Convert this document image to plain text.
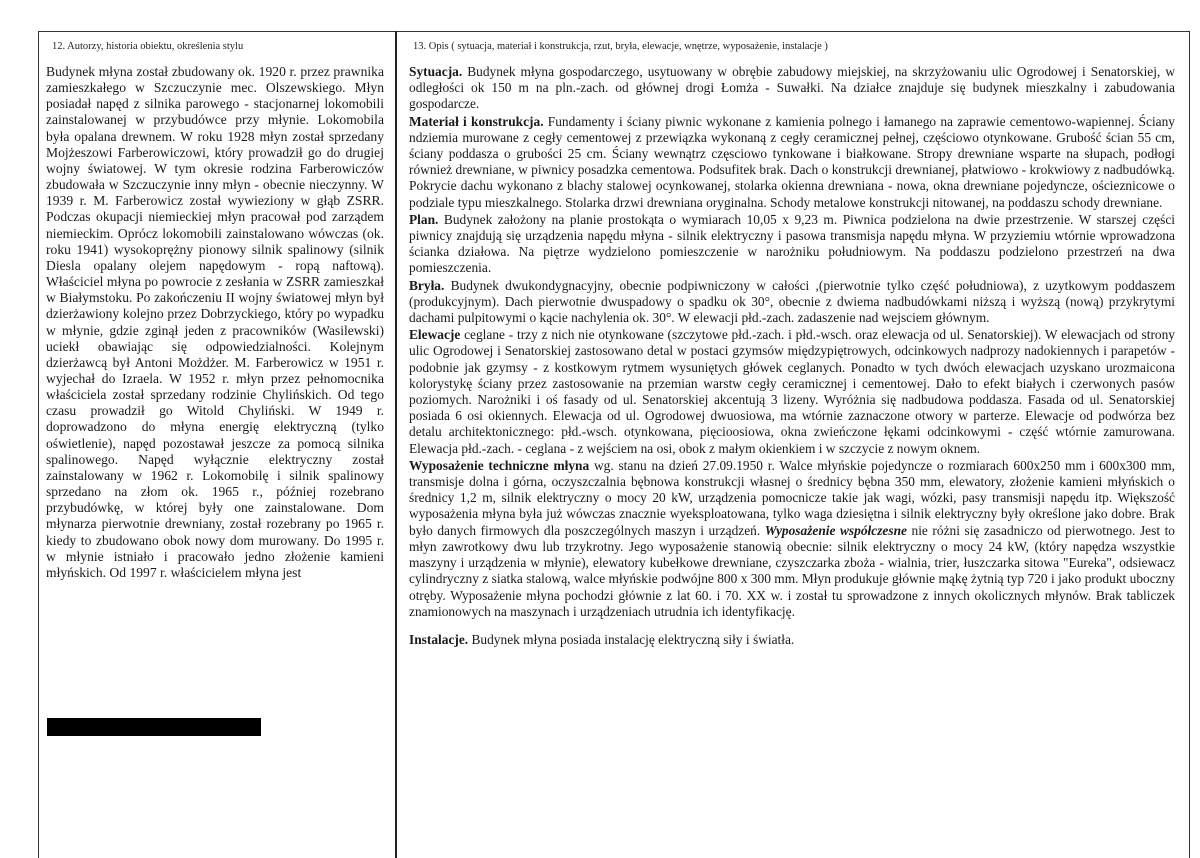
12. Autorzy, historia obiektu, określenia stylu

Budynek młyna został zbudowany ok. 1920 r. przez prawnika zamieszkałego w Szczuczynie mec. Olszewskiego. Młyn posiadał napęd z silnika parowego - stacjonarnej lokomobili zainstalowanej w przybudówce przy młynie. Lokomobila była opalana drewnem. W roku 1928 młyn został sprzedany Mojżeszowi Farberowiczowi, który prowadził go do drugiej wojny światowej. W tym okresie rodzina Farberowiczów zbudowała w Szczuczynie inny młyn - obecnie nieczynny. W 1939 r. M. Farberowicz został wywieziony w głąb ZSRR. Podczas okupacji niemieckiej młyn pracował pod zarządem niemieckim. Oprócz lokomobili zainstalowano wówczas (ok. roku 1941) wysokoprężny pionowy silnik spalinowy (silnik Diesla opalany olejem napędowym - ropą naftową). Właściciel młyna po powrocie z zesłania w ZSRR zamieszkał w Białymstoku. Po zakończeniu II wojny światowej młyn był dzierżawiony kolejno przez Dobrzyckiego, który po wypadku w młynie, gdzie zginął jeden z pracowników (Wasilewski) uciekł obawiając się odpowiedzialności. Kolejnym dzierżawcą był Antoni Możdżer. M. Farberowicz w 1951 r. wyjechał do Izraela. W 1952 r. młyn przez pełnomocnika właściciela został sprzedany rodzinie Chylińskich. Od tego czasu prowadził go Witold Chyliński. W 1949 r. doprowadzono do młyna energię elektryczną (tylko oświetlenie), napęd pozostawał jeszcze za pomocą silnika spalinowego. Napęd wyłącznie elektryczny został zainstalowany w 1962 r. Lokomobilę i silnik spalinowy sprzedano na złom ok. 1965 r., później rozebrano przybudówkę, w której były one zainstalowane. Dom młynarza pierwotnie drewniany, został rozebrany po 1965 r. kiedy to zbudowano obok nowy dom murowany. Do 1995 r. w młynie istniało i pracowało jedno złożenie kamieni młyńskich. Od 1997 r. właścicielem młyna jest

13. Opis ( sytuacja, materiał i konstrukcja, rzut, bryła, elewacje, wnętrze, wyposażenie, instalacje )

Sytuacja. Budynek młyna gospodarczego, usytuowany w obrębie zabudowy miejskiej, na skrzyżowaniu ulic Ogrodowej i Senatorskiej, w odległości ok 150 m na pln.-zach. od głównej drogi Łomża - Suwałki. Na działce znajduje się budynek mieszkalny i zabudowania gospodarcze.

Materiał i konstrukcja. Fundamenty i ściany piwnic wykonane z kamienia polnego i łamanego na zaprawie cementowo-wapiennej. Ściany ndziemia murowane z cegły cementowej z przewiązka wykonaną z cegły ceramicznej pełnej, częściowo otynkowane. Grubość ścian 55 cm, ściany poddasza o grubości 25 cm. Ściany wewnątrz częsciowo tynkowane i białkowane. Stropy drewniane wsparte na słupach, podłogi również drewniane, w piwnicy posadzka cementowa. Podsufitek brak. Dach o konstrukcji drewnianej, płatwiowo - krokwiowy z nadbudówką. Pokrycie dachu wykonano z blachy stalowej ocynkowanej, stolarka okienna drewniana - nowa, okna drewniane pojedyncze, ościeznicowe o podziale typu mieszkalnego. Stolarka drzwi drewniana oryginalna. Schody metalowe konstrukcji nitowanej, na poddaszu schody drewniane.

Plan. Budynek założony na planie prostokąta o wymiarach 10,05 x 9,23 m. Piwnica podzielona na dwie przestrzenie. W starszej części piwnicy znajdują się urządzenia napędu młyna - silnik elektryczny i pasowa transmisja napędu młyna. W przyziemiu wtórnie wprowadzona ścianka działowa. Na piętrze wydzielono pomieszczenie w narożniku południowym. Na poddaszu podzielono przestrzeń na dwa pomieszczenia.

Bryła. Budynek dwukondygnacyjny, obecnie podpiwniczony w całości ,(pierwotnie tylko część południowa), z uzytkowym poddaszem (produkcyjnym). Dach pierwotnie dwuspadowy o spadku ok 30°, obecnie z dwiema nadbudówkami niższą i wyższą (nową) przykrytymi dachami pulpitowymi o kącie nachylenia ok. 30°. W elewacji płd.-zach. zadaszenie nad wejsciem głównym.

Elewacje ceglane - trzy z nich nie otynkowane (szczytowe płd.-zach. i płd.-wsch. oraz elewacja od ul. Senatorskiej). W elewacjach od strony ulic Ogrodowej i Senatorskiej zastosowano detal w postaci gzymsów międzypiętrowych, odcinkowych nadprozy nadokiennych i parapetów - podobnie jak gzymsy - z kostkowym rytmem wysuniętych główek ceglanych. Ponadto w tych dwóch elewacjach uzyskano urozmaicona kolorystykę ściany przez zastosowanie na przemian warstw cegły ceramicznej i cementowej. Dało to efekt białych i czerwonych pasów poziomych. Narożniki i oś fasady od ul. Senatorskiej akcentują 3 lizeny. Wyróżnia się nadbudowa poddasza. Fasada od ul. Senatorskiej posiada 6 osi okiennych. Elewacja od ul. Ogrodowej dwuosiowa, ma wtórnie zaznaczone otwory w parterze. Elewacje od podwórza bez detalu architektonicznego: płd.-wsch. otynkowana, pięcioosiowa, okna zwieńczone łękami odcinkowymi - część wtórnie zamurowana. Elewacja płd.-zach. - ceglana - z wejściem na osi, obok z małym okienkiem i w szczycie z nowym oknem.

Wyposażenie techniczne młyna wg. stanu na dzień 27.09.1950 r. Walce młyńskie pojedyncze o rozmiarach 600x250 mm i 600x300 mm, transmisje dolna i górna, oczyszczalnia bębnowa konstrukcji własnej o średnicy bębna 350 mm, elewatory, złożenie kamieni młyńskich o średnicy 1,2 m, silnik elektryczny o mocy 20 kW, urządzenia pomocnicze takie jak wagi, wózki, pasy transmisji napędu itp. Większość wyposażenia młyna była już wówczas znacznie wyeksploatowana, tylko waga dziesiętna i silnik elektryczny były określone jako dobre. Brak było danych firmowych dla poszczególnych maszyn i urządzeń. Wyposażenie współczesne nie różni się zasadniczo od pierwotnego. Jest to młyn zawrotkowy dwu lub trzykrotny. Jego wyposażenie stanowią obecnie: silnik elektryczny o mocy 24 kW, (który napędza wszystkie maszyny i urządzenia w młynie), elewatory kubełkowe drewniane, czyszczarka zboża - wialnia, trier, łuszczarka sitowa "Eureka", odsiewacz cylindryczny z siatka stalową, walce młyńskie podwójne 800 x 300 mm. Młyn produkuje głównie mąkę żytnią typ 720 i jako produkt uboczny otręby. Wyposażenie młyna pochodzi głównie z lat 60. i 70. XX w. i został tu sprowadzone z innych okolicznych młynów. Brak tabliczek znamionowych na maszynach i urządzeniach utrudnia ich identyfikację.

Instalacje. Budynek młyna posiada instalację elektryczną siły i światła.
